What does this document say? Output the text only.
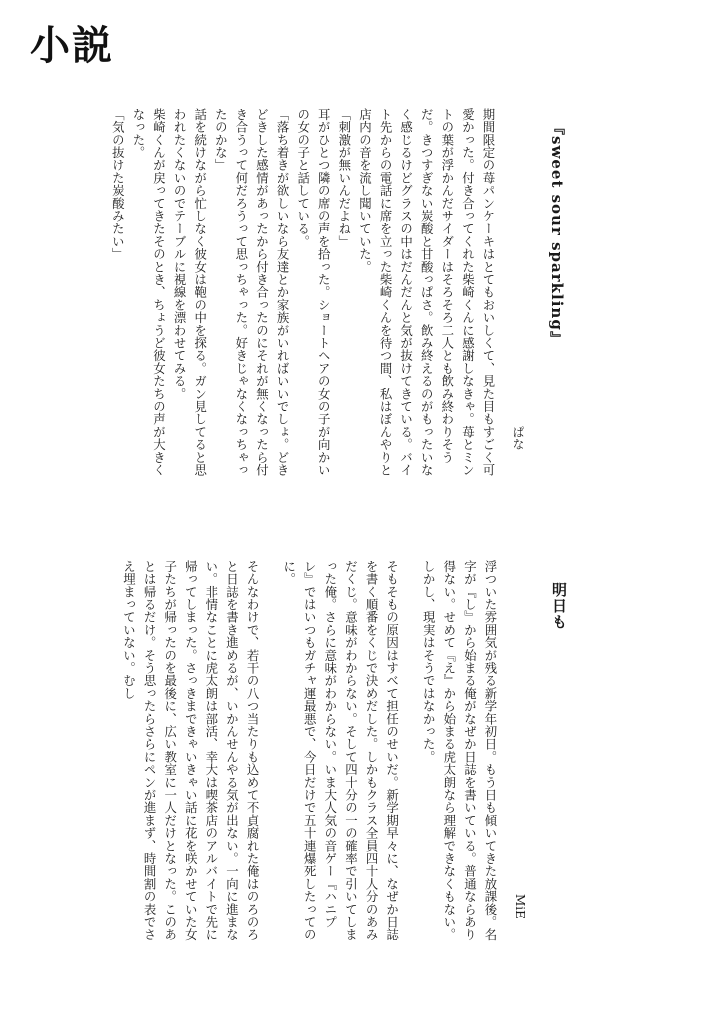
小説
『sweet sour sparkling』
ぱな

期間限定の苺パンケーキはとてもおいしくて、見た目もすごく可愛かった。付き合ってくれた柴崎くんに感謝しなきゃ。苺とミントの葉が浮かんだサイダーはそろそろ二人とも飲み終わりそうだ。きつすぎない炭酸と甘酸っぱさ。飲み終えるのがもったいなく感じるけどグラスの中はだんだんと気が抜けてきている。バイト先からの電話に席を立った柴崎くんを待つ間、私はぼんやりと店内の音を流し聞いていた。

「刺激が無いんだよね」

耳がひとつ隣の席の声を拾った。ショートヘアの女の子が向かいの女の子と話している。

「落ち着きが欲しいなら友達とか家族がいればいいでしょ。どきどきした感情があったから付き合ったのにそれが無くなったら付き合うって何だろうって思っちゃった。好きじゃなくなっちゃったのかな」

話を続けながら忙しなく彼女は鞄の中を探る。ガン見してると思われたくないのでテーブルに視線を漂わせてみる。

柴崎くんが戻ってきたそのとき、ちょうど彼女たちの声が大きくなった。

「気の抜けた炭酸みたい」

明日も
MiE

浮ついた雰囲気が残る新学年初日。もう日も傾いてきた放課後。名字が『し』から始まる俺がなぜか日誌を書いている。普通ならあり得ない。せめて『え』から始まる虎太朗なら理解できなくもない。しかし、現実はそうではなかった。

そもそもの原因はすべて担任のせいだ。新学期早々に、なぜか日誌を書く順番をくじで決めだした。しかもクラス全員四十人分のあみだくじ。意味がわからない。そして四十分の一の確率で引いてしまった俺。さらに意味がわからない。いま大人気の音ゲー『ハニプレ』ではいつもガチャ運最悪で、今日だけで五十連爆死したってのに。

そんなわけで、若干の八つ当たりも込めて不貞腐れた俺はのろのろと日誌を書き進めるが、いかんせんやる気が出ない。一向に進まない。非情なことに虎太朗は部活、幸大は喫茶店のアルバイトで先に帰ってしまった。さっきまできゃいきゃい話に花を咲かせていた女子たちが帰ったのを最後に、広い教室に一人だけとなった。このあとは帰るだけ。そう思ったらさらにペンが進まず、時間割の表でさえ埋まっていない。むし
